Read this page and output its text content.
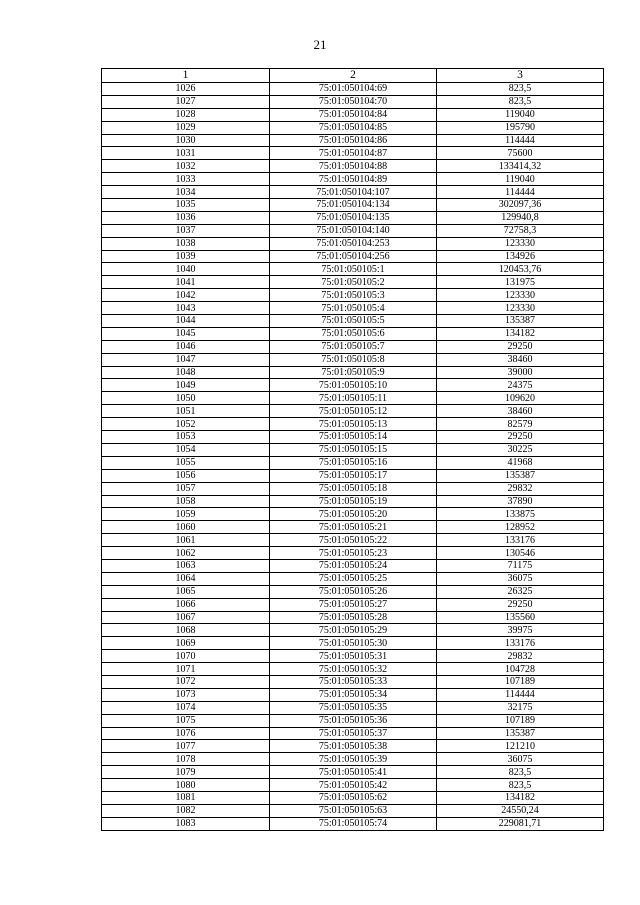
21
1	2	3
1026	75:01:050104:69	823,5
1027	75:01:050104:70	823,5
1028	75:01:050104:84	119040
1029	75:01:050104:85	195790
1030	75:01:050104:86	114444
1031	75:01:050104:87	75600
1032	75:01:050104:88	133414,32
1033	75:01:050104:89	119040
1034	75:01:050104:107	114444
1035	75:01:050104:134	302097,36
1036	75:01:050104:135	129940,8
1037	75:01:050104:140	72758,3
1038	75:01:050104:253	123330
1039	75:01:050104:256	134926
1040	75:01:050105:1	120453,76
1041	75:01:050105:2	131975
1042	75:01:050105:3	123330
1043	75:01:050105:4	123330
1044	75:01:050105:5	135387
1045	75:01:050105:6	134182
1046	75:01:050105:7	29250
1047	75:01:050105:8	38460
1048	75:01:050105:9	39000
1049	75:01:050105:10	24375
1050	75:01:050105:11	109620
1051	75:01:050105:12	38460
1052	75:01:050105:13	82579
1053	75:01:050105:14	29250
1054	75:01:050105:15	30225
1055	75:01:050105:16	41968
1056	75:01:050105:17	135387
1057	75:01:050105:18	29832
1058	75:01:050105:19	37890
1059	75:01:050105:20	133875
1060	75:01:050105:21	128952
1061	75:01:050105:22	133176
1062	75:01:050105:23	130546
1063	75:01:050105:24	71175
1064	75:01:050105:25	36075
1065	75:01:050105:26	26325
1066	75:01:050105:27	29250
1067	75:01:050105:28	135560
1068	75:01:050105:29	39975
1069	75:01:050105:30	133176
1070	75:01:050105:31	29832
1071	75:01:050105:32	104728
1072	75:01:050105:33	107189
1073	75:01:050105:34	114444
1074	75:01:050105:35	32175
1075	75:01:050105:36	107189
1076	75:01:050105:37	135387
1077	75:01:050105:38	121210
1078	75:01:050105:39	36075
1079	75:01:050105:41	823,5
1080	75:01:050105:42	823,5
1081	75:01:050105:62	134182
1082	75:01:050105:63	24550,24
1083	75:01:050105:74	229081,71
